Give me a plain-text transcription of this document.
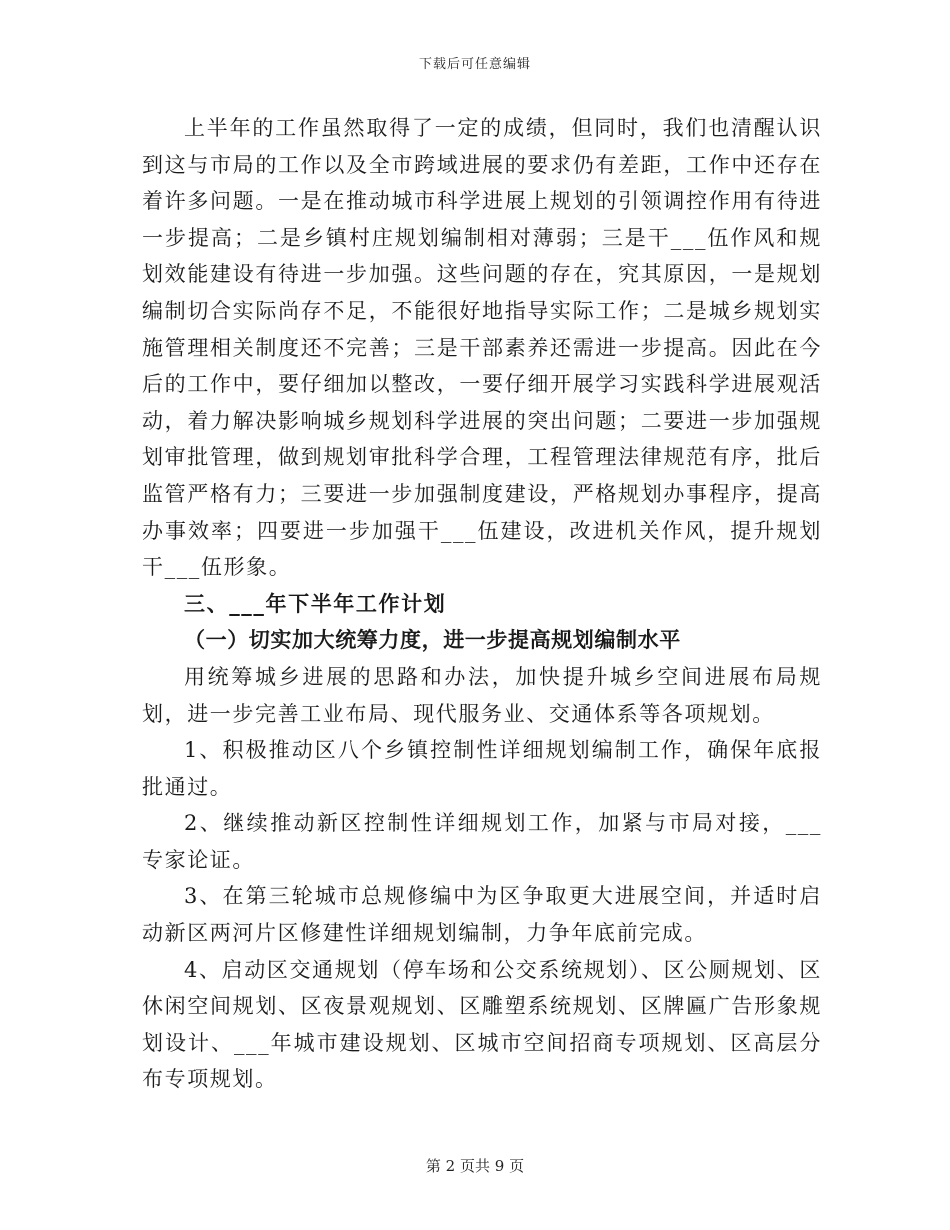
下载后可任意编辑

上半年的工作虽然取得了一定的成绩，但同时，我们也清醒认识到这与市局的工作以及全市跨域进展的要求仍有差距，工作中还存在着许多问题。一是在推动城市科学进展上规划的引领调控作用有待进一步提高；二是乡镇村庄规划编制相对薄弱；三是干___伍作风和规划效能建设有待进一步加强。这些问题的存在，究其原因，一是规划编制切合实际尚存不足，不能很好地指导实际工作；二是城乡规划实施管理相关制度还不完善；三是干部素养还需进一步提高。因此在今后的工作中，要仔细加以整改，一要仔细开展学习实践科学进展观活动，着力解决影响城乡规划科学进展的突出问题；二要进一步加强规划审批管理，做到规划审批科学合理，工程管理法律规范有序，批后监管严格有力；三要进一步加强制度建设，严格规划办事程序，提高办事效率；四要进一步加强干___伍建设，改进机关作风，提升规划干___伍形象。

三、___年下半年工作计划

（一）切实加大统筹力度，进一步提高规划编制水平

用统筹城乡进展的思路和办法，加快提升城乡空间进展布局规划，进一步完善工业布局、现代服务业、交通体系等各项规划。

1、积极推动区八个乡镇控制性详细规划编制工作，确保年底报批通过。

2、继续推动新区控制性详细规划工作，加紧与市局对接，___专家论证。

3、在第三轮城市总规修编中为区争取更大进展空间，并适时启动新区两河片区修建性详细规划编制，力争年底前完成。

4、启动区交通规划（停车场和公交系统规划）、区公厕规划、区休闲空间规划、区夜景观规划、区雕塑系统规划、区牌匾广告形象规划设计、___年城市建设规划、区城市空间招商专项规划、区高层分布专项规划。

第 2 页共 9 页
